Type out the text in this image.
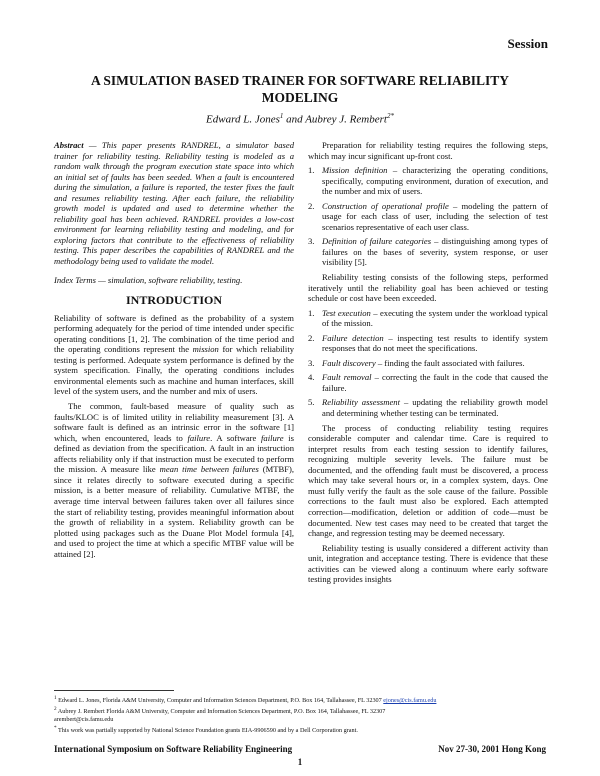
Session
A SIMULATION BASED TRAINER FOR SOFTWARE RELIABILITY MODELING
Edward L. Jones$^1$ and Aubrey J. Rembert$^{2*}$

Abstract — This paper presents RANDREL, a simulator based trainer for reliability testing. Reliability testing is modeled as a random walk through the program execution state space into which an initial set of faults has been seeded. When a fault is encountered during the simulation, a failure is reported, the tester fixes the fault and resumes reliability testing. After each failure, the reliability growth model is updated and used to determine whether the reliability goal has been achieved. RANDREL provides a low-cost environment for learning reliability testing and modeling, and for exploring factors that contribute to the effectiveness of reliability testing. This paper describes the capabilities of RANDREL and the methodology being used to validate the model.

Index Terms — simulation, software reliability, testing.

INTRODUCTION

Reliability of software is defined as the probability of a system performing adequately for the period of time intended under specific operating conditions [1, 2]. The combination of the time period and the operating conditions represent the mission for which reliability testing is performed. Adequate system performance is defined by the system specification. Finally, the operating conditions includes environmental elements such as machine and human interfaces, skill level of the system users, and the number and mix of users.

The common, fault-based measure of quality such as faults/KLOC is of limited utility in reliability measurement [3]. A software fault is defined as an intrinsic error in the software [1] which, when encountered, leads to failure. A software failure is defined as deviation from the specification. A fault in an instruction affects reliability only if that instruction must be executed to perform the mission. A measure like mean time between failures (MTBF), since it relates directly to software executed during a specific mission, is a better measure of reliability. Cumulative MTBF, the average time interval between failures taken over all failures since the start of reliability testing, provides meaningful information about the growth of reliability in a system. Reliability growth can be plotted using packages such as the Duane Plot Model formula [4], and used to project the time at which a specific MTBF value will be attained [2].

Preparation for reliability testing requires the following steps, which may incur significant up-front cost.

1. Mission definition – characterizing the operating conditions, specifically, computing environment, duration of execution, and the number and mix of users.
2. Construction of operational profile – modeling the pattern of usage for each class of user, including the selection of test scenarios representative of each user class.
3. Definition of failure categories – distinguishing among types of failures on the bases of severity, system response, or user visibility [5].

Reliability testing consists of the following steps, performed iteratively until the reliability goal has been achieved or testing schedule or cost have been exceeded.

1. Test execution – executing the system under the workload typical of the mission.
2. Failure detection – inspecting test results to identify system responses that do not meet the specifications.
3. Fault discovery – finding the fault associated with failures.
4. Fault removal – correcting the fault in the code that caused the failure.
5. Reliability assessment – updating the reliability growth model and determining whether testing can be terminated.

The process of conducting reliability testing requires considerable computer and calendar time. Care is required to interpret results from each testing session to identify failures, recognizing multiple severity levels. The failure must be documented, and the offending fault must be discovered, a process which may take several hours or, in a complex system, days. One must fully verify the fault as the sole cause of the failure. Possible corrections to the fault must also be explored. Each attempted correction—modification, deletion or addition of code—must be documented. New test cases may need to be created that target the change, and regression testing may be deemed necessary.

Reliability testing is usually considered a different activity than unit, integration and acceptance testing. There is evidence that these activities can be viewed along a continuum where early software testing provides insights

$^1$ Edward L. Jones, Florida A&M University, Computer and Information Sciences Department, P.O. Box 164, Tallahassee, FL 32307 ejones@cis.famu.edu

$^2$ Aubrey J. Rembert Florida A&M University, Computer and Information Sciences Department, P.O. Box 164, Tallahassee, FL 32307
arembert@cis.famu.edu

* This work was partially supported by National Science Foundation grants EIA-9906590 and by a Dell Corporation grant.

International Symposium on Software Reliability Engineering	Nov 27-30, 2001 Hong Kong
1
